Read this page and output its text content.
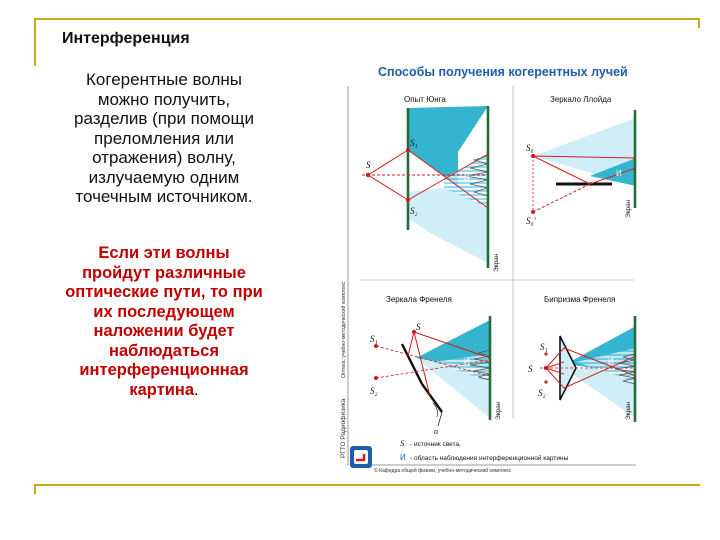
Интерференция
Когерентные волны
можно получить,
разделив (при помощи
преломления или
отражения) волну,
излучаемую одним
точечным источником.
Если эти волны
пройдут различные
оптические пути, то при
их последующем
наложении будет
наблюдаться
интерференционная
картина.
Способы получения когерентных лучей
РГТО Радиофизика
Оптика: учебно-методический комплекс
Опыт Юнга
S
S₁
S₂
И
Экран
Зеркало Ллойда
S₀
S₀'
И
Экран
Зеркала Френеля
S
S₁
S₂
И
α
Экран
Бипризма Френеля
S
S₁
S₂
И
Экран
S - источник света,
И - область наблюдения интерференционной картины
© Кафедра общей физики, учебно-методический комплекс
